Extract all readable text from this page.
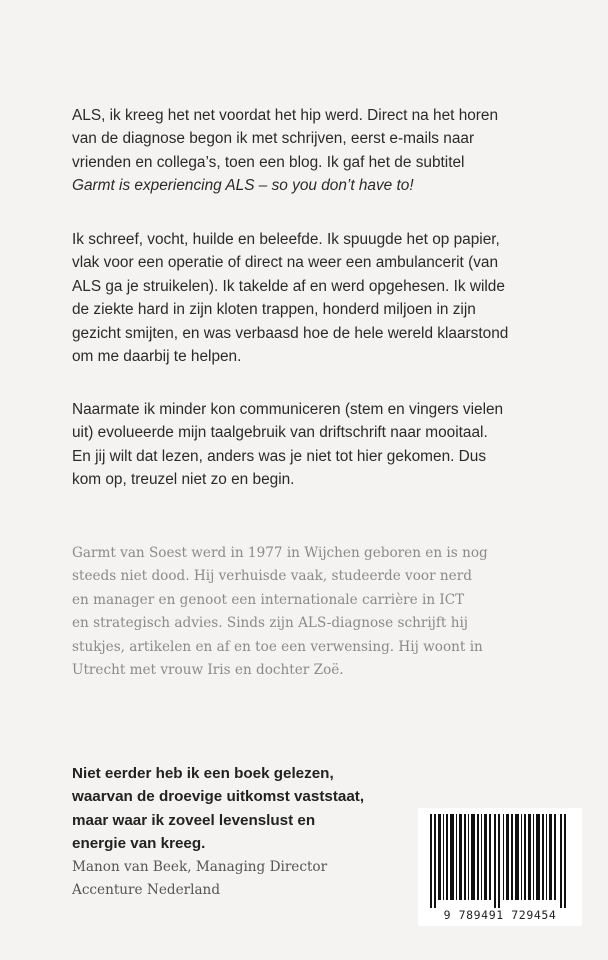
ALS, ik kreeg het net voordat het hip werd. Direct na het horen
van de diagnose begon ik met schrijven, eerst e-mails naar
vrienden en collega’s, toen een blog. Ik gaf het de subtitel
Garmt is experiencing ALS – so you don’t have to!
Ik schreef, vocht, huilde en beleefde. Ik spuugde het op papier,
vlak voor een operatie of direct na weer een ambulancerit (van
ALS ga je struikelen). Ik takelde af en werd opgehesen. Ik wilde
de ziekte hard in zijn kloten trappen, honderd miljoen in zijn
gezicht smijten, en was verbaasd hoe de hele wereld klaarstond
om me daarbij te helpen.
Naarmate ik minder kon communiceren (stem en vingers vielen
uit) evolueerde mijn taalgebruik van driftschrift naar mooitaal.
En jij wilt dat lezen, anders was je niet tot hier gekomen. Dus
kom op, treuzel niet zo en begin.
Garmt van Soest werd in 1977 in Wijchen geboren en is nog
steeds niet dood. Hij verhuisde vaak, studeerde voor nerd
en manager en genoot een internationale carrière in ICT
en strategisch advies. Sinds zijn ALS-diagnose schrijft hij
stukjes, artikelen en af en toe een verwensing. Hij woont in
Utrecht met vrouw Iris en dochter Zoë.
Niet eerder heb ik een boek gelezen,
waarvan de droevige uitkomst vaststaat,
maar waar ik zoveel levenslust en
energie van kreeg.
Manon van Beek, Managing Director
Accenture Nederland
9 789491 729454
